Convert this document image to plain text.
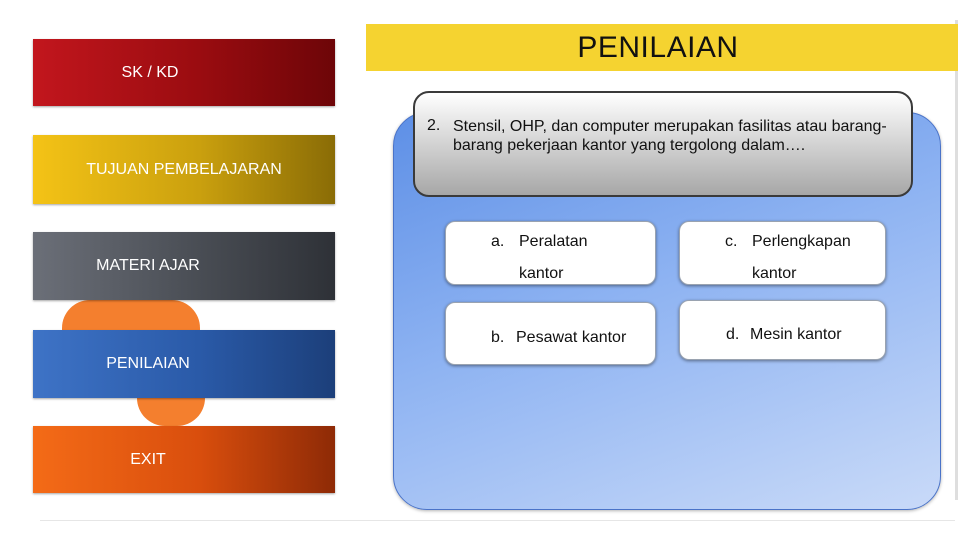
SK / KD
TUJUAN PEMBELAJARAN
MATERI AJAR
PENILAIAN
EXIT
PENILAIAN
2. Stensil, OHP, dan computer merupakan fasilitas atau barang-barang pekerjaan kantor yang tergolong dalam….
a. Peralatan
kantor
c. Perlengkapan
kantor
b. Pesawat kantor	d. Mesin kantor
